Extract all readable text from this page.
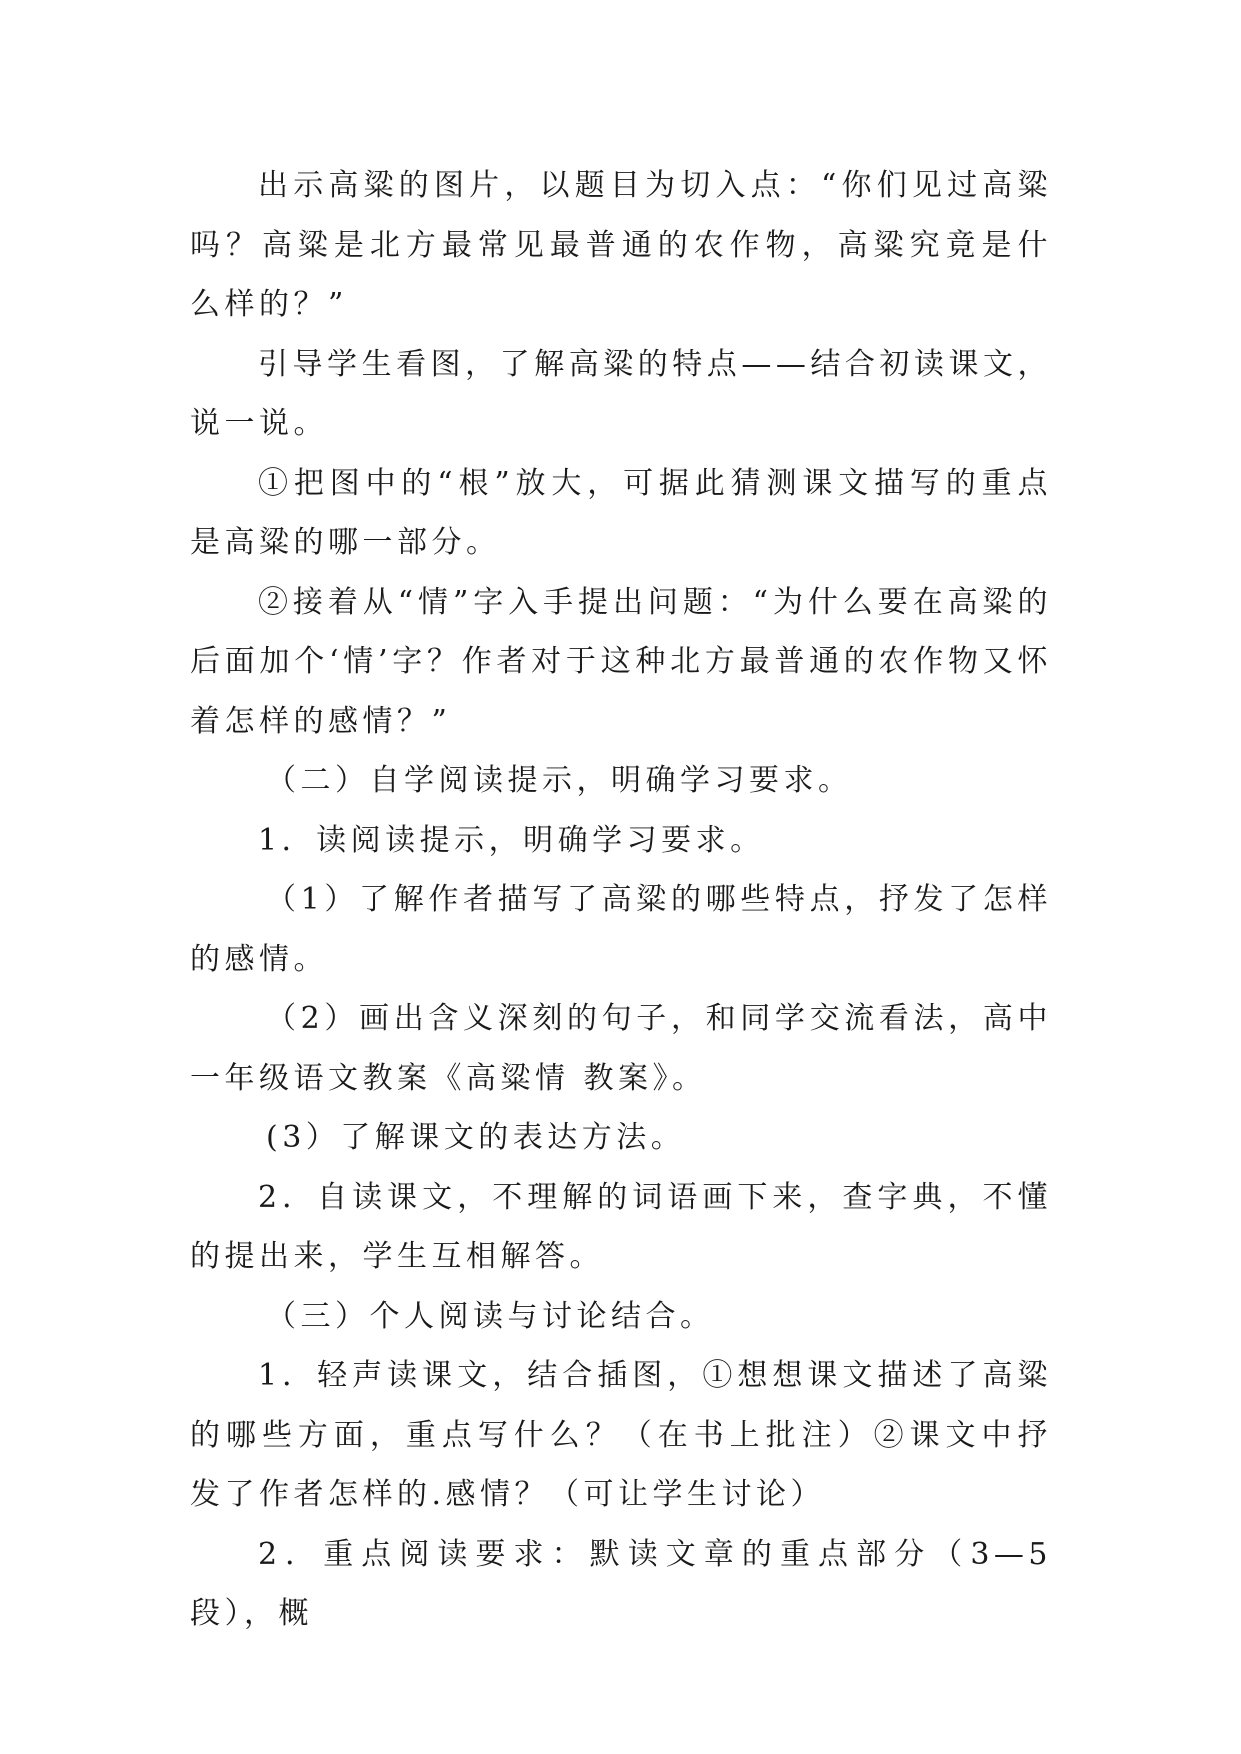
出示高粱的图片，以题目为切入点：“你们见过高粱吗？高粱是北方最常见最普通的农作物，高粱究竟是什么样的？”

引导学生看图，了解高粱的特点——结合初读课文，说一说。

①把图中的“根”放大，可据此猜测课文描写的重点是高粱的哪一部分。

②接着从“情”字入手提出问题：“为什么要在高粱的后面加个‘情’字？作者对于这种北方最普通的农作物又怀着怎样的感情？”

（二）自学阅读提示，明确学习要求。

1．读阅读提示，明确学习要求。

（1）了解作者描写了高粱的哪些特点，抒发了怎样的感情。

（2）画出含义深刻的句子，和同学交流看法，高中一年级语文教案《高粱情 教案》。

(3）了解课文的表达方法。

2．自读课文，不理解的词语画下来，查字典，不懂的提出来，学生互相解答。

（三）个人阅读与讨论结合。

1．轻声读课文，结合插图，①想想课文描述了高粱的哪些方面，重点写什么？（在书上批注）②课文中抒发了作者怎样的.感情？（可让学生讨论）

2．重点阅读要求：默读文章的重点部分（3—5 段），概
